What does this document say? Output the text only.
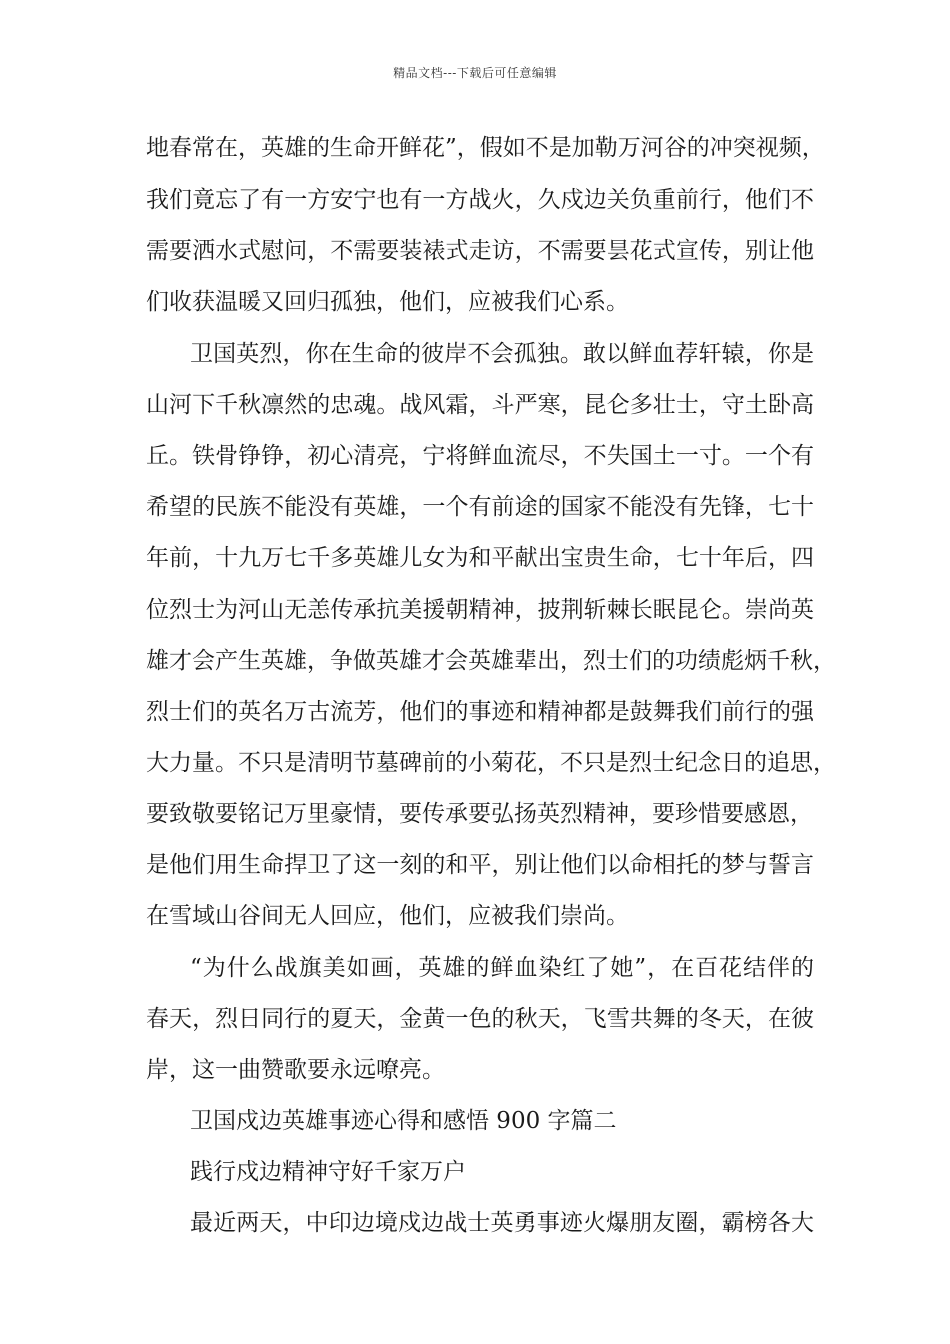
精品文档---下载后可任意编辑
地春常在，英雄的生命开鲜花”，假如不是加勒万河谷的冲突视频，
我们竟忘了有一方安宁也有一方战火，久戍边关负重前行，他们不
需要洒水式慰问，不需要装裱式走访，不需要昙花式宣传，别让他
们收获温暖又回归孤独，他们，应被我们心系。
卫国英烈，你在生命的彼岸不会孤独。敢以鲜血荐轩辕，你是
山河下千秋凛然的忠魂。战风霜，斗严寒，昆仑多壮士，守土卧高
丘。铁骨铮铮，初心清亮，宁将鲜血流尽，不失国土一寸。一个有
希望的民族不能没有英雄，一个有前途的国家不能没有先锋，七十
年前，十九万七千多英雄儿女为和平献出宝贵生命，七十年后，四
位烈士为河山无恙传承抗美援朝精神，披荆斩棘长眠昆仑。崇尚英
雄才会产生英雄，争做英雄才会英雄辈出，烈士们的功绩彪炳千秋，
烈士们的英名万古流芳，他们的事迹和精神都是鼓舞我们前行的强
大力量。不只是清明节墓碑前的小菊花，不只是烈士纪念日的追思，
要致敬要铭记万里豪情，要传承要弘扬英烈精神，要珍惜要感恩，
是他们用生命捍卫了这一刻的和平，别让他们以命相托的梦与誓言
在雪域山谷间无人回应，他们，应被我们崇尚。
“为什么战旗美如画，英雄的鲜血染红了她”，在百花结伴的
春天，烈日同行的夏天，金黄一色的秋天，飞雪共舞的冬天，在彼
岸，这一曲赞歌要永远嘹亮。
卫国戍边英雄事迹心得和感悟 900 字篇二
践行戍边精神守好千家万户
最近两天，中印边境戍边战士英勇事迹火爆朋友圈，霸榜各大
